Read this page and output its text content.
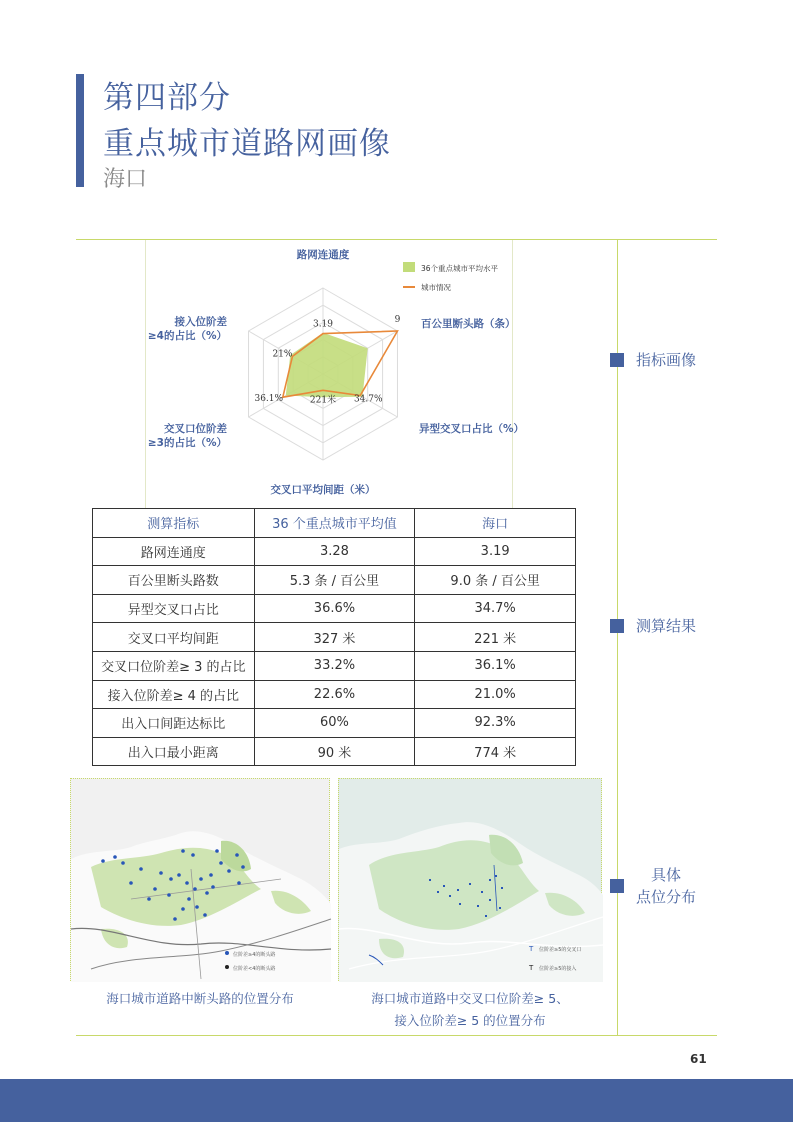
第四部分
重点城市道路网画像
海口
指标画像
测算结果
具体
点位分布
3.19	9
34.7%
221米
36.1%
21%
路网连通度
百公里断头路（条）
异型交叉口占比（%）
交叉口平均间距（米）
交叉口位阶差
≥3的占比（%）
接入位阶差
≥4的占比（%）
36个重点城市平均水平
城市情况
测算指标	36 个重点城市平均值	海口
路网连通度	3.28	3.19
百公里断头路数	5.3 条 / 百公里	9.0 条 / 百公里
异型交叉口占比	36.6%	34.7%
交叉口平均间距	327 米	221 米
交叉口位阶差≥ 3 的占比	33.2%	36.1%
接入位阶差≥ 4 的占比	22.6%	21.0%
出入口间距达标比	60%	92.3%
出入口最小距离	90 米	774 米
位阶差≥4的断头路
位阶差<4的断头路
海口城市道路中断头路的位置分布
T 位阶差≥5的交叉口
T 位阶差≥5的接入
海口城市道路中交叉口位阶差≥ 5、
接入位阶差≥ 5 的位置分布
61
